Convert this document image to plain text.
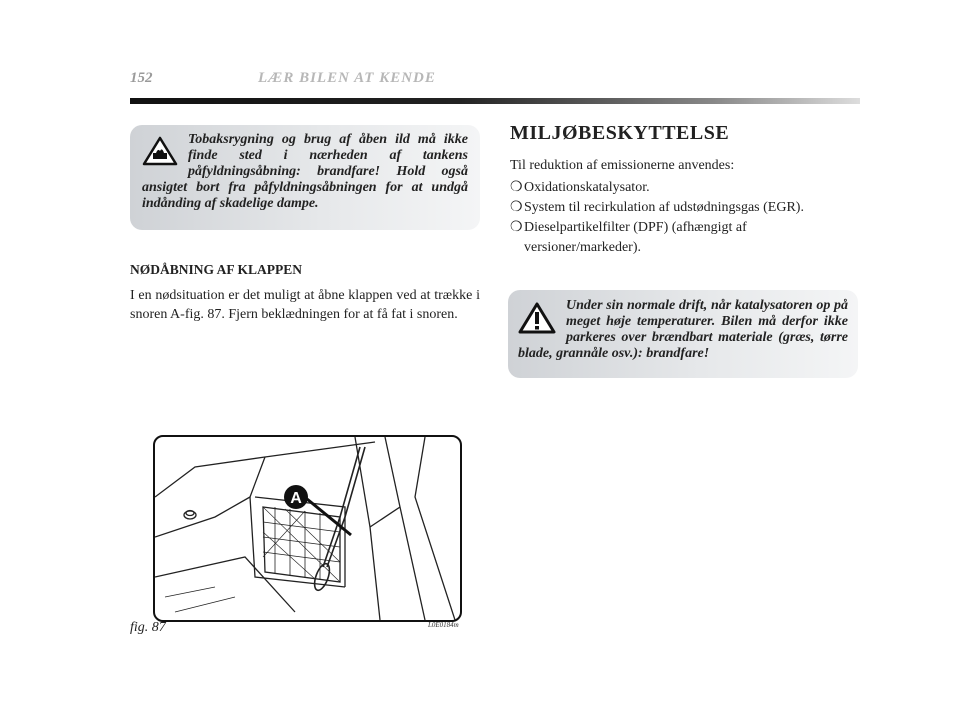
152	LÆR BILEN AT KENDE

Tobaksrygning og brug af åben ild må ikke finde sted i nærheden af tankens påfyldningsåbning: brandfare! Hold også ansigtet bort fra påfyldningsåbningen for at undgå indånding af skadelige dampe.

NØDÅBNING AF KLAPPEN

I en nødsituation er det muligt at åbne klappen ved at trække i snoren A-fig. 87. Fjern beklædningen for at få fat i snoren.

MILJØBESKYTTELSE
Til reduktion af emissionerne anvendes:
❍ Oxidationskatalysator.
❍ System til recirkulation af udstødningsgas (EGR).
❍ Dieselpartikelfilter (DPF) (afhængigt af versioner/markeder).

Under sin normale drift, når katalysatoren op på meget høje temperaturer. Bilen må derfor ikke parkeres over brændbart materiale (græs, tørre blade, grannåle osv.): brandfare!

A
fig. 87	L0E0184m
